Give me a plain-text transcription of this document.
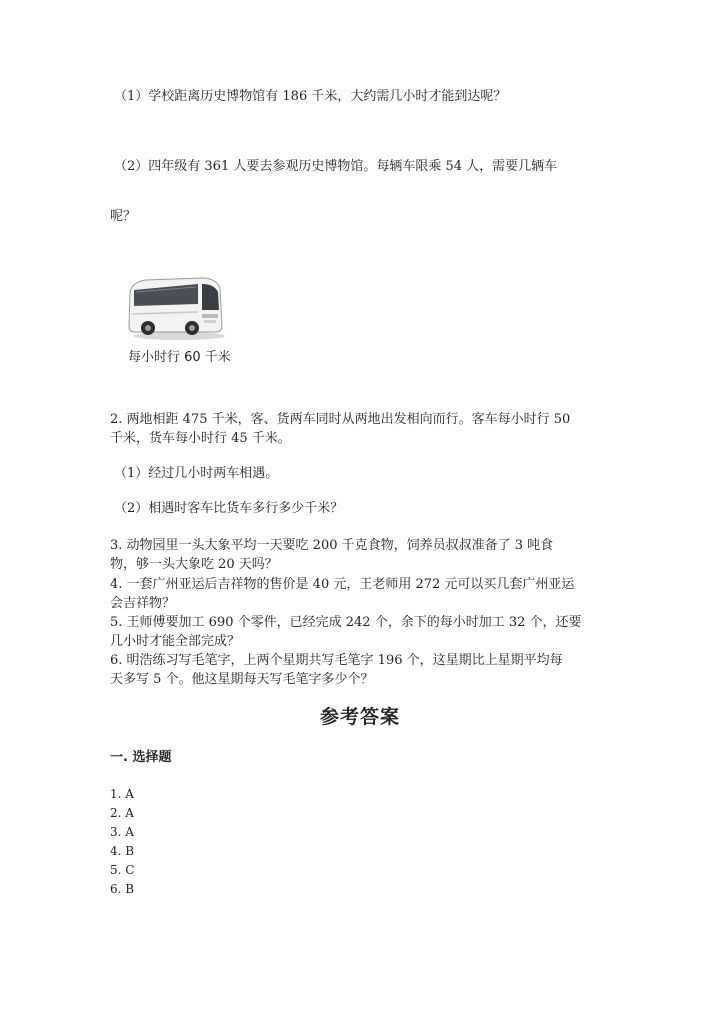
（1）学校距离历史博物馆有 186 千米，大约需几小时才能到达呢？
（2）四年级有 361 人要去参观历史博物馆。每辆车限乘 54 人，需要几辆车
呢？
每小时行 60 千米
2. 两地相距 475 千米，客、货两车同时从两地出发相向而行。客车每小时行 50
千米，货车每小时行 45 千米。
（1）经过几小时两车相遇。
（2）相遇时客车比货车多行多少千米？
3. 动物园里一头大象平均一天要吃 200 千克食物，饲养员叔叔准备了 3 吨食
物，够一头大象吃 20 天吗？
4. 一套广州亚运后吉祥物的售价是 40 元，王老师用 272 元可以买几套广州亚运
会吉祥物？
5. 王师傅要加工 690 个零件，已经完成 242 个，余下的每小时加工 32 个，还要
几小时才能全部完成？
6. 明浩练习写毛笔字，上两个星期共写毛笔字 196 个，这星期比上星期平均每
天多写 5 个。他这星期每天写毛笔字多少个？
参考答案
一. 选择题
1. A
2. A
3. A
4. B
5. C
6. B
